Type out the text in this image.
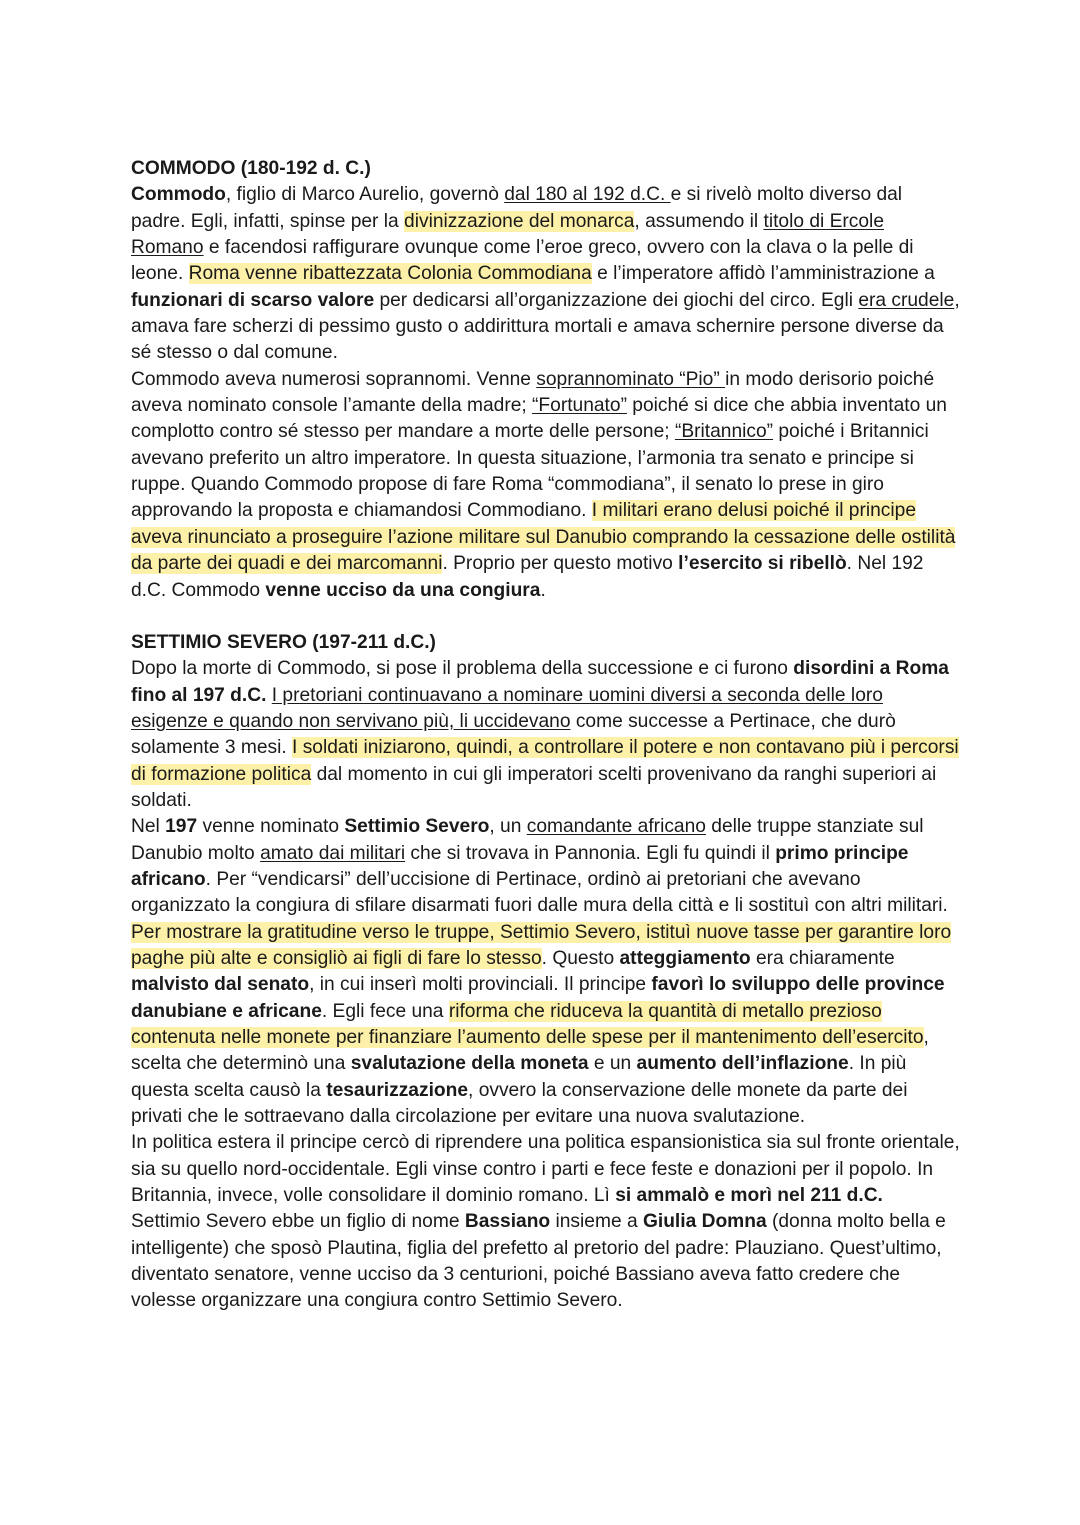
COMMODO (180-192 d. C.)

Commodo, figlio di Marco Aurelio, governò dal 180 al 192 d.C. e si rivelò molto diverso dal padre. Egli, infatti, spinse per la divinizzazione del monarca, assumendo il titolo di Ercole Romano e facendosi raffigurare ovunque come l’eroe greco, ovvero con la clava o la pelle di leone. Roma venne ribattezzata Colonia Commodiana e l’imperatore affidò l’amministrazione a funzionari di scarso valore per dedicarsi all’organizzazione dei giochi del circo. Egli era crudele, amava fare scherzi di pessimo gusto o addirittura mortali e amava schernire persone diverse da sé stesso o dal comune.

Commodo aveva numerosi soprannomi. Venne soprannominato “Pio” in modo derisorio poiché aveva nominato console l’amante della madre; “Fortunato” poiché si dice che abbia inventato un complotto contro sé stesso per mandare a morte delle persone; “Britannico” poiché i Britannici avevano preferito un altro imperatore. In questa situazione, l’armonia tra senato e principe si ruppe. Quando Commodo propose di fare Roma “commodiana”, il senato lo prese in giro approvando la proposta e chiamandosi Commodiano. I militari erano delusi poiché il principe aveva rinunciato a proseguire l’azione militare sul Danubio comprando la cessazione delle ostilità da parte dei quadi e dei marcomanni. Proprio per questo motivo l’esercito si ribellò. Nel 192 d.C. Commodo venne ucciso da una congiura.

SETTIMIO SEVERO (197-211 d.C.)

Dopo la morte di Commodo, si pose il problema della successione e ci furono disordini a Roma fino al 197 d.C. I pretoriani continuavano a nominare uomini diversi a seconda delle loro esigenze e quando non servivano più, li uccidevano come successe a Pertinace, che durò solamente 3 mesi. I soldati iniziarono, quindi, a controllare il potere e non contavano più i percorsi di formazione politica dal momento in cui gli imperatori scelti provenivano da ranghi superiori ai soldati.

Nel 197 venne nominato Settimio Severo, un comandante africano delle truppe stanziate sul Danubio molto amato dai militari che si trovava in Pannonia. Egli fu quindi il primo principe africano. Per “vendicarsi” dell’uccisione di Pertinace, ordinò ai pretoriani che avevano organizzato la congiura di sfilare disarmati fuori dalle mura della città e li sostituì con altri militari. Per mostrare la gratitudine verso le truppe, Settimio Severo, istituì nuove tasse per garantire loro paghe più alte e consigliò ai figli di fare lo stesso. Questo atteggiamento era chiaramente malvisto dal senato, in cui inserì molti provinciali. Il principe favorì lo sviluppo delle province danubiane e africane. Egli fece una riforma che riduceva la quantità di metallo prezioso contenuta nelle monete per finanziare l’aumento delle spese per il mantenimento dell’esercito, scelta che determinò una svalutazione della moneta e un aumento dell’inflazione. In più questa scelta causò la tesaurizzazione, ovvero la conservazione delle monete da parte dei privati che le sottraevano dalla circolazione per evitare una nuova svalutazione.

In politica estera il principe cercò di riprendere una politica espansionistica sia sul fronte orientale, sia su quello nord-occidentale. Egli vinse contro i parti e fece feste e donazioni per il popolo. In Britannia, invece, volle consolidare il dominio romano. Lì si ammalò e morì nel 211 d.C.

Settimio Severo ebbe un figlio di nome Bassiano insieme a Giulia Domna (donna molto bella e intelligente) che sposò Plautina, figlia del prefetto al pretorio del padre: Plauziano. Quest’ultimo, diventato senatore, venne ucciso da 3 centurioni, poiché Bassiano aveva fatto credere che volesse organizzare una congiura contro Settimio Severo.
